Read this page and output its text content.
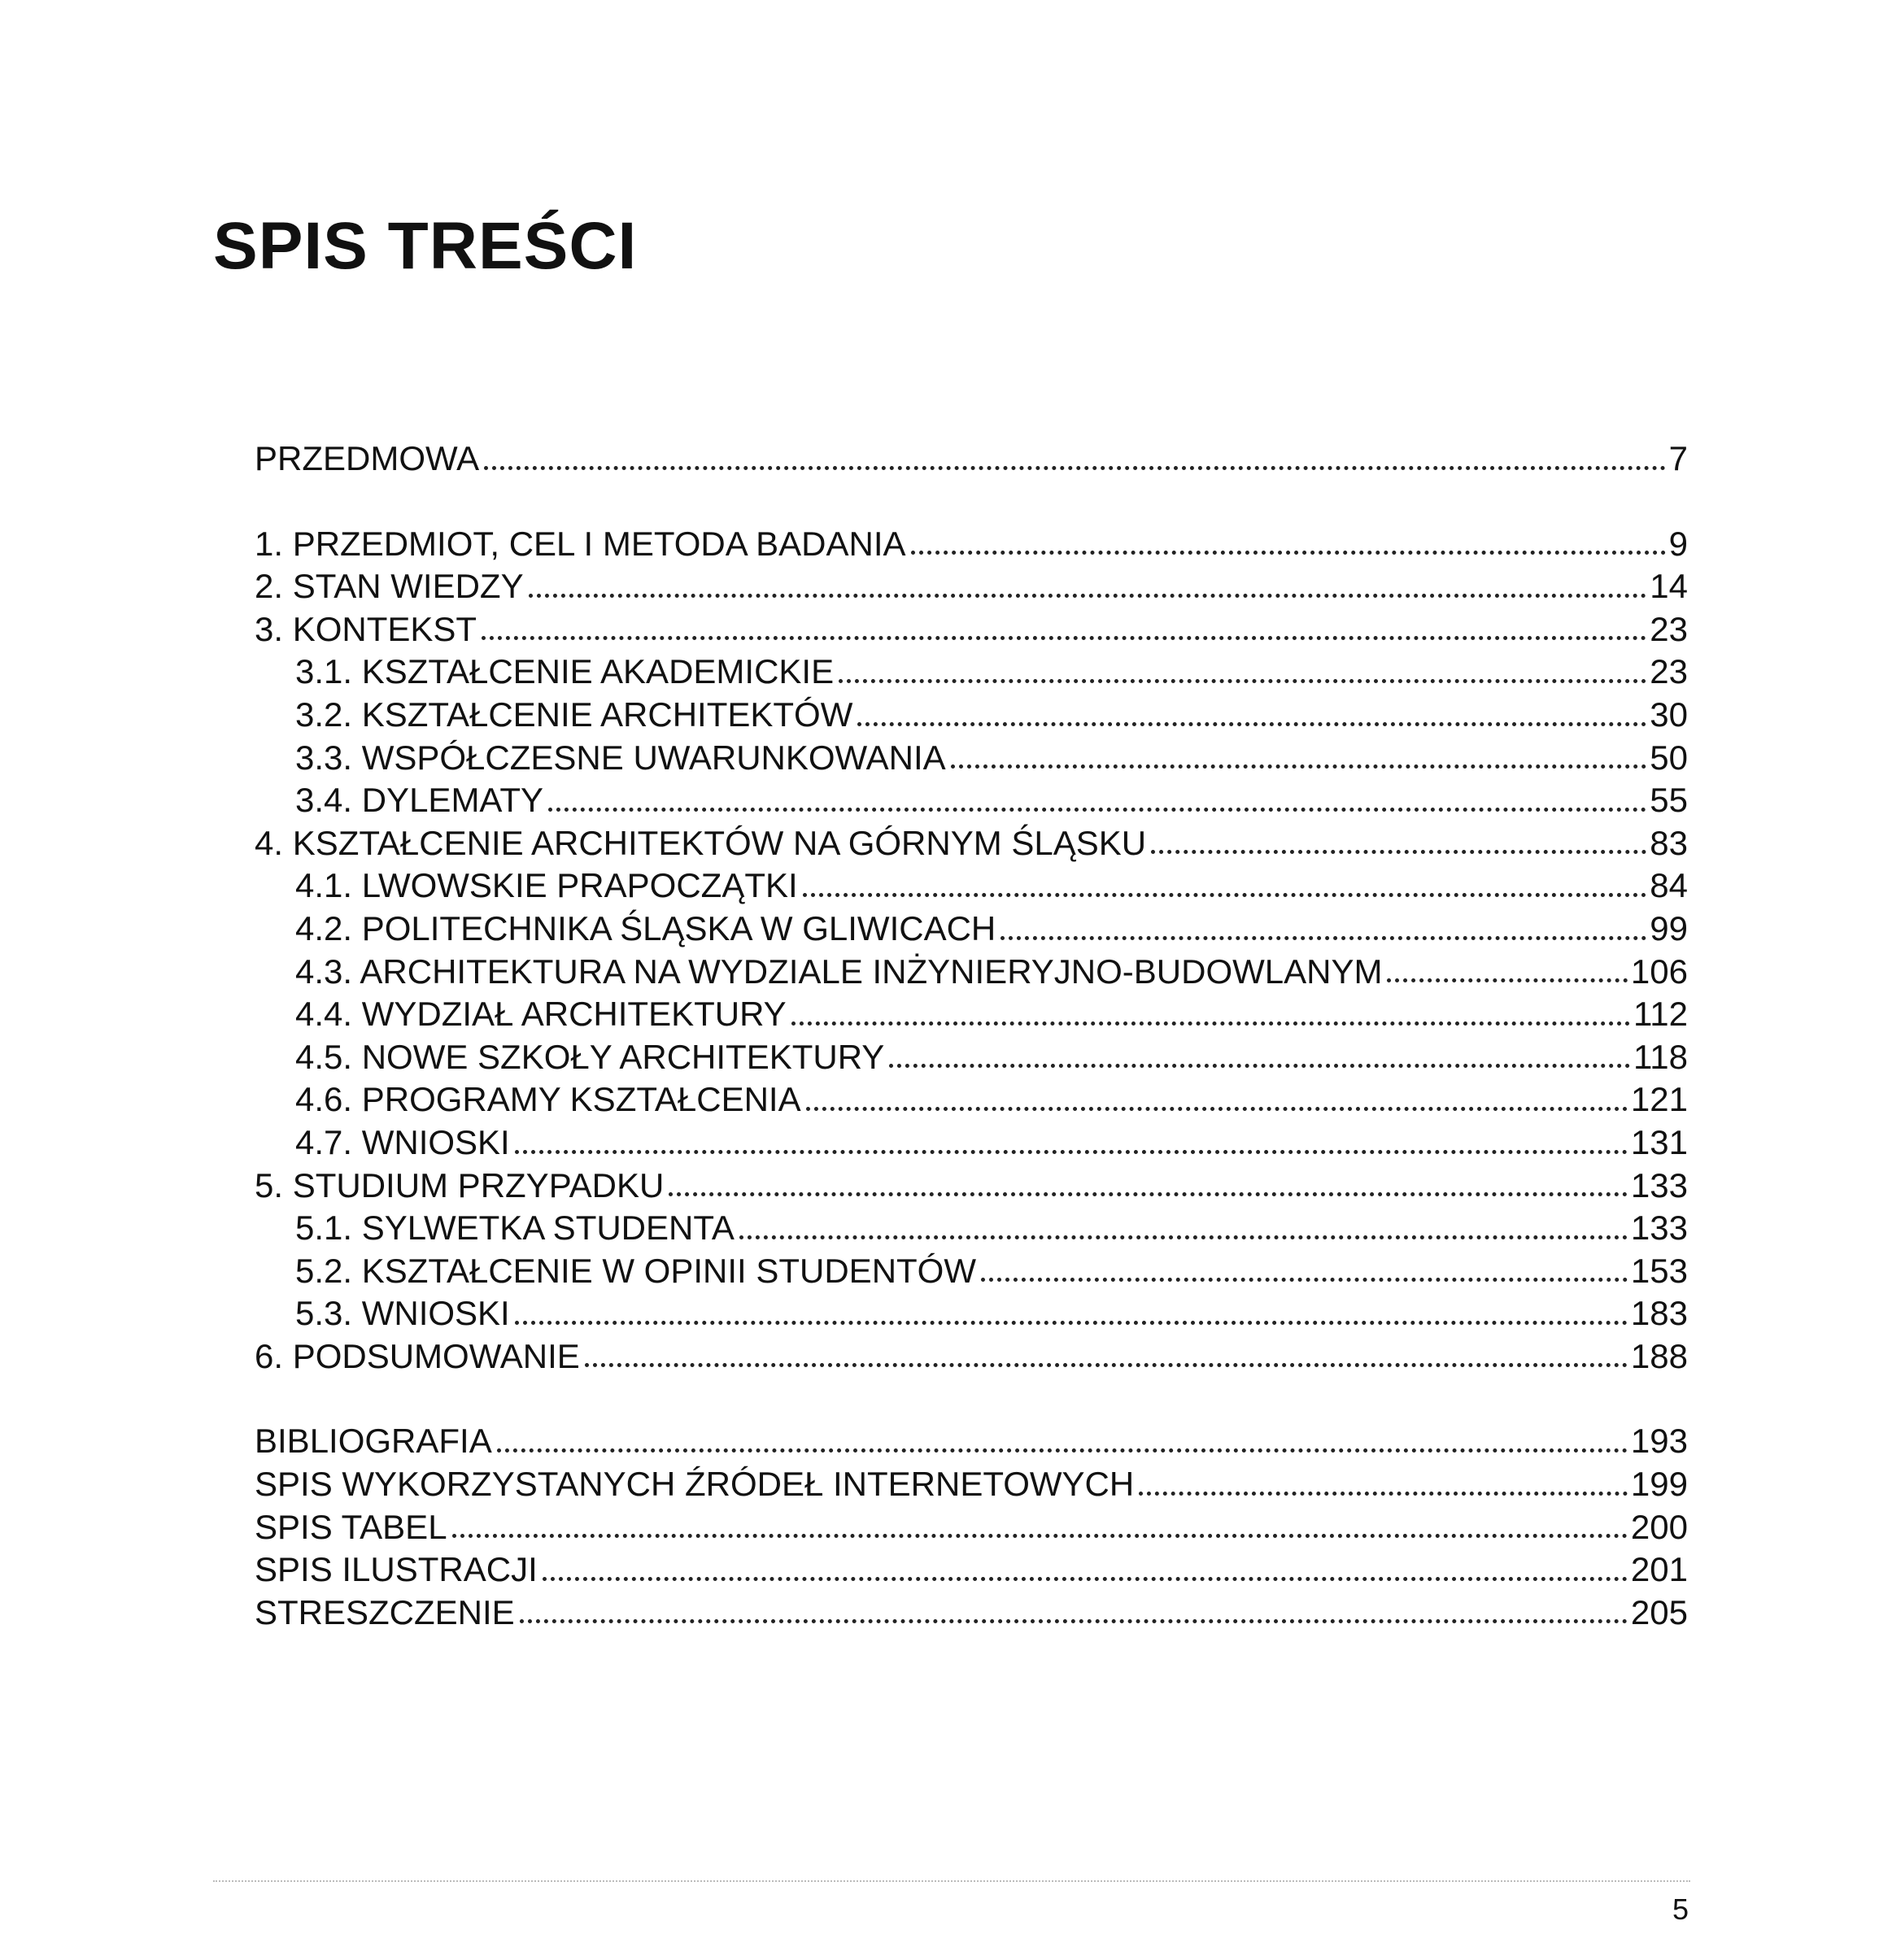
SPIS TREŚCI
PRZEDMOWA	7
1. PRZEDMIOT, CEL I METODA BADANIA	9
2. STAN WIEDZY	14
3. KONTEKST	23
3.1. KSZTAŁCENIE AKADEMICKIE	23
3.2. KSZTAŁCENIE ARCHITEKTÓW	30
3.3. WSPÓŁCZESNE UWARUNKOWANIA	50
3.4. DYLEMATY	55
4. KSZTAŁCENIE ARCHITEKTÓW NA GÓRNYM ŚLĄSKU	83
4.1. LWOWSKIE PRAPOCZĄTKI	84
4.2. POLITECHNIKA ŚLĄSKA W GLIWICACH	99
4.3. ARCHITEKTURA NA WYDZIALE INŻYNIERYJNO-BUDOWLANYM	106
4.4. WYDZIAŁ ARCHITEKTURY	112
4.5. NOWE SZKOŁY ARCHITEKTURY	118
4.6. PROGRAMY KSZTAŁCENIA	121
4.7. WNIOSKI	131
5. STUDIUM PRZYPADKU	133
5.1. SYLWETKA STUDENTA	133
5.2. KSZTAŁCENIE W OPINII STUDENTÓW	153
5.3. WNIOSKI	183
6. PODSUMOWANIE	188
BIBLIOGRAFIA	193
SPIS WYKORZYSTANYCH ŹRÓDEŁ INTERNETOWYCH	199
SPIS TABEL	200
SPIS ILUSTRACJI	201
STRESZCZENIE	205
5
